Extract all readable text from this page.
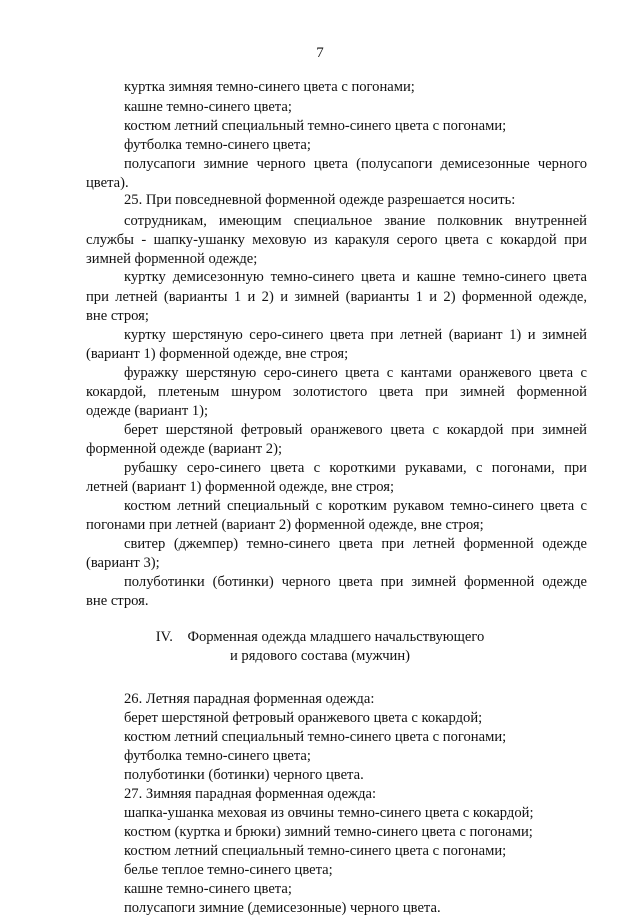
7
куртка зимняя темно-синего цвета с погонами;
кашне темно-синего цвета;
костюм летний специальный темно-синего цвета с погонами;
футболка темно-синего цвета;
полусапоги зимние черного цвета (полусапоги демисезонные черного
цвета).
25. При повседневной форменной одежде разрешается носить:
сотрудникам, имеющим специальное звание полковник внутренней
службы - шапку-ушанку меховую из каракуля серого цвета с кокардой при
зимней форменной одежде;
куртку демисезонную темно-синего цвета и кашне темно-синего цвета
при летней (варианты 1 и 2) и зимней (варианты 1 и 2) форменной одежде,
вне строя;
куртку шерстяную серо-синего цвета при летней (вариант 1) и зимней
(вариант 1) форменной одежде, вне строя;
фуражку шерстяную серо-синего цвета с кантами оранжевого цвета с
кокардой, плетеным шнуром золотистого цвета при зимней форменной
одежде (вариант 1);
берет шерстяной фетровый оранжевого цвета с кокардой при зимней
форменной одежде (вариант 2);
рубашку серо-синего цвета с короткими рукавами, с погонами, при
летней (вариант 1) форменной одежде, вне строя;
костюм летний специальный с коротким рукавом темно-синего цвета с
погонами при летней (вариант 2) форменной одежде, вне строя;
свитер (джемпер) темно-синего цвета при летней форменной одежде
(вариант 3);
полуботинки (ботинки) черного цвета при зимней форменной одежде
вне строя.
IV.    Форменная одежда младшего начальствующего
и рядового состава (мужчин)
26. Летняя парадная форменная одежда:
берет шерстяной фетровый оранжевого цвета с кокардой;
костюм летний специальный темно-синего цвета с погонами;
футболка темно-синего цвета;
полуботинки (ботинки) черного цвета.
27. Зимняя парадная форменная одежда:
шапка-ушанка меховая из овчины темно-синего цвета с кокардой;
костюм (куртка и брюки) зимний темно-синего цвета с погонами;
костюм летний специальный темно-синего цвета с погонами;
белье теплое темно-синего цвета;
кашне темно-синего цвета;
полусапоги зимние (демисезонные) черного цвета.
